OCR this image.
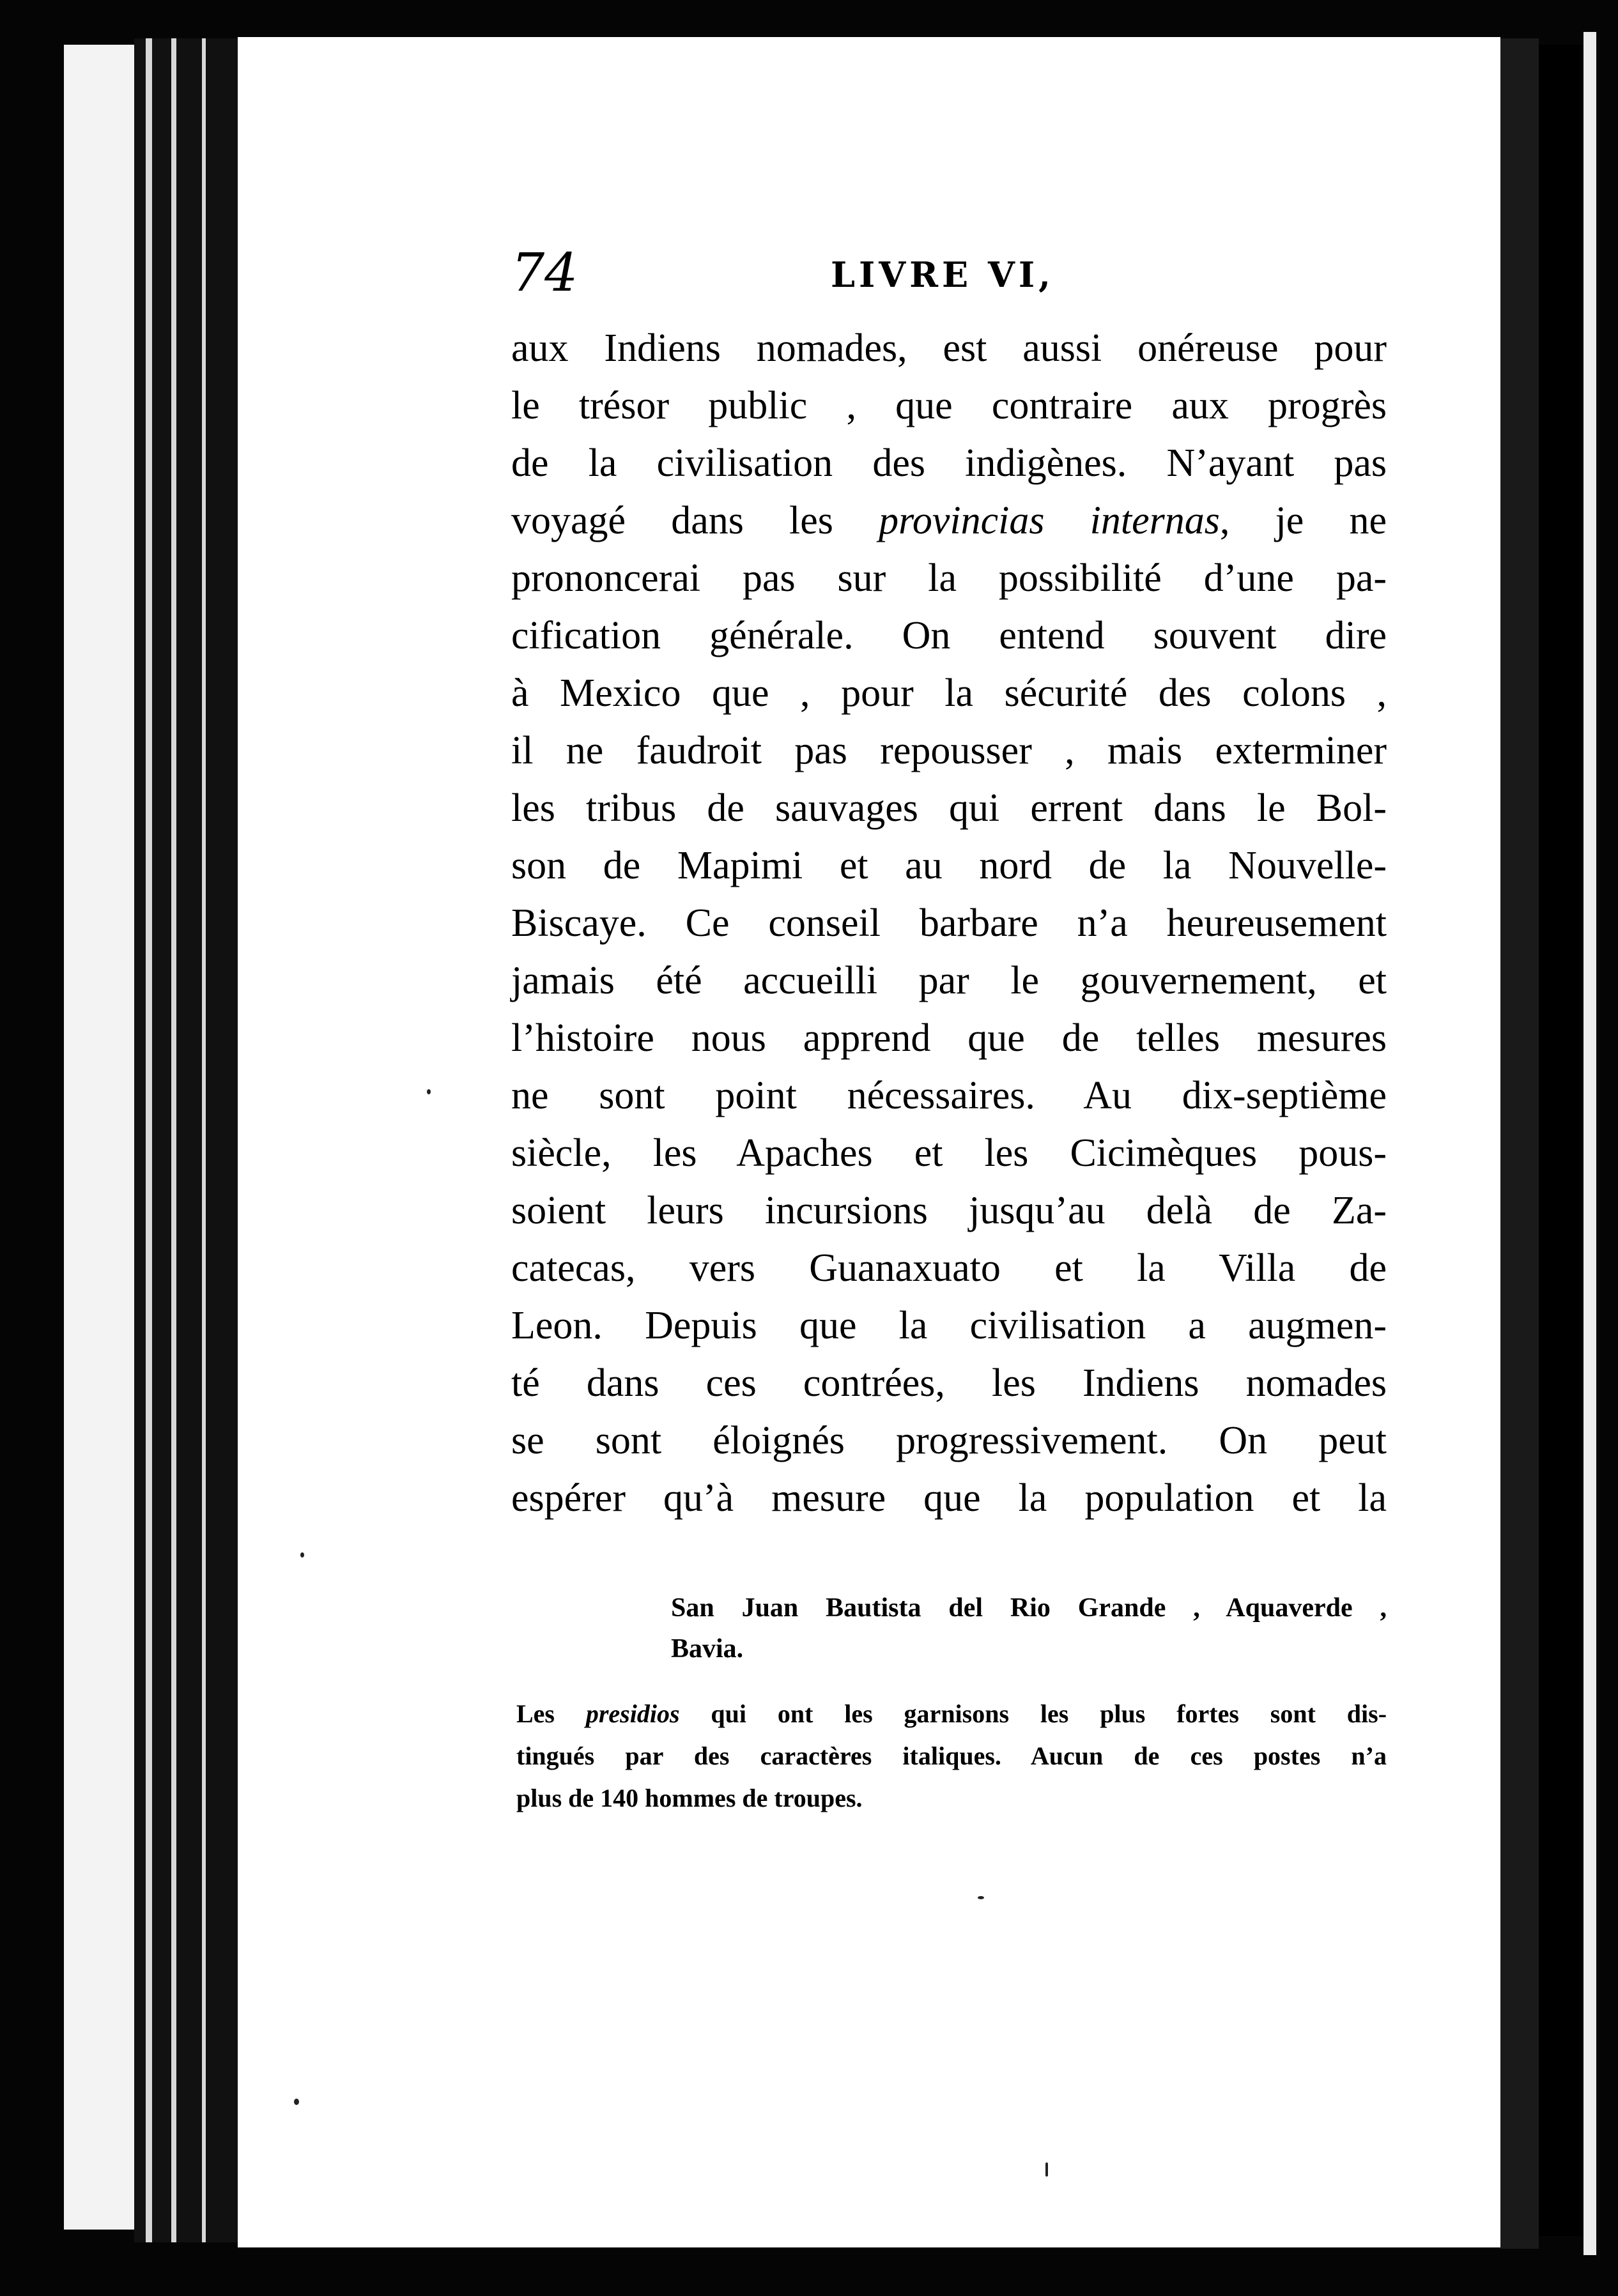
74	LIVRE VI,
aux Indiens nomades, est aussi onéreuse pour
le trésor public , que contraire aux progrès
de la civilisation des indigènes. N’ayant pas
voyagé dans les provincias internas, je ne
prononcerai pas sur la possibilité d’une pa-
cification générale. On entend souvent dire
à Mexico que , pour la sécurité des colons ,
il ne faudroit pas repousser , mais exterminer
les tribus de sauvages qui errent dans le Bol-
son de Mapimi et au nord de la Nouvelle-
Biscaye. Ce conseil barbare n’a heureusement
jamais été accueilli par le gouvernement, et
l’histoire nous apprend que de telles mesures
ne sont point nécessaires. Au dix-septième
siècle, les Apaches et les Cicimèques pous-
soient leurs incursions jusqu’au delà de Za-
catecas, vers Guanaxuato et la Villa de
Leon. Depuis que la civilisation a augmen-
té dans ces contrées, les Indiens nomades
se sont éloignés progressivement. On peut
espérer qu’à mesure que la population et la
San Juan Bautista del Rio Grande , Aquaverde ,
Bavia.
Les presidios qui ont les garnisons les plus fortes sont dis-
tingués par des caractères italiques. Aucun de ces postes n’a
plus de 140 hommes de troupes.
